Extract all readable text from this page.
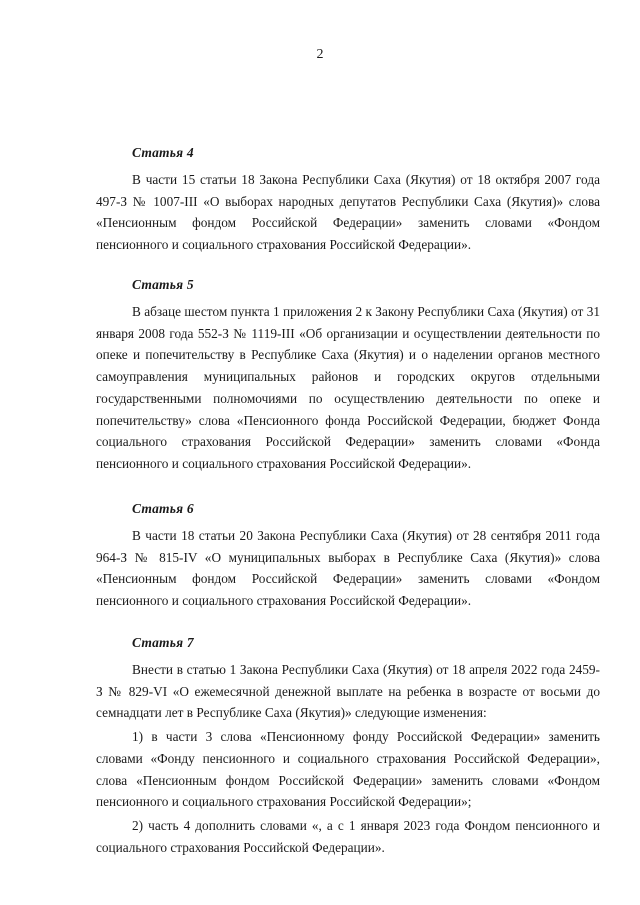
2
Статья 4

В части 15 статьи 18 Закона Республики Саха (Якутия) от 18 октября 2007 года 497-З № 1007-III «О выборах народных депутатов Республики Саха (Якутия)» слова «Пенсионным фондом Российской Федерации» заменить словами «Фондом пенсионного и социального страхования Российской Федерации».

Статья 5

В абзаце шестом пункта 1 приложения 2 к Закону Республики Саха (Якутия) от 31 января 2008 года 552-З № 1119-III «Об организации и осуществлении деятельности по опеке и попечительству в Республике Саха (Якутия) и о наделении органов местного самоуправления муниципальных районов и городских округов отдельными государственными полномочиями по осуществлению деятельности по опеке и попечительству» слова «Пенсионного фонда Российской Федерации, бюджет Фонда социального страхования Российской Федерации» заменить словами «Фонда пенсионного и социального страхования Российской Федерации».

Статья 6

В части 18 статьи 20 Закона Республики Саха (Якутия) от 28 сентября 2011 года 964-З № 815-IV «О муниципальных выборах в Республике Саха (Якутия)» слова «Пенсионным фондом Российской Федерации» заменить словами «Фондом пенсионного и социального страхования Российской Федерации».

Статья 7

Внести в статью 1 Закона Республики Саха (Якутия) от 18 апреля 2022 года 2459-З № 829-VI «О ежемесячной денежной выплате на ребенка в возрасте от восьми до семнадцати лет в Республике Саха (Якутия)» следующие изменения:

1) в части 3 слова «Пенсионному фонду Российской Федерации» заменить словами «Фонду пенсионного и социального страхования Российской Федерации», слова «Пенсионным фондом Российской Федерации» заменить словами «Фондом пенсионного и социального страхования Российской Федерации»;

2) часть 4 дополнить словами «, а с 1 января 2023 года Фондом пенсионного и социального страхования Российской Федерации».
